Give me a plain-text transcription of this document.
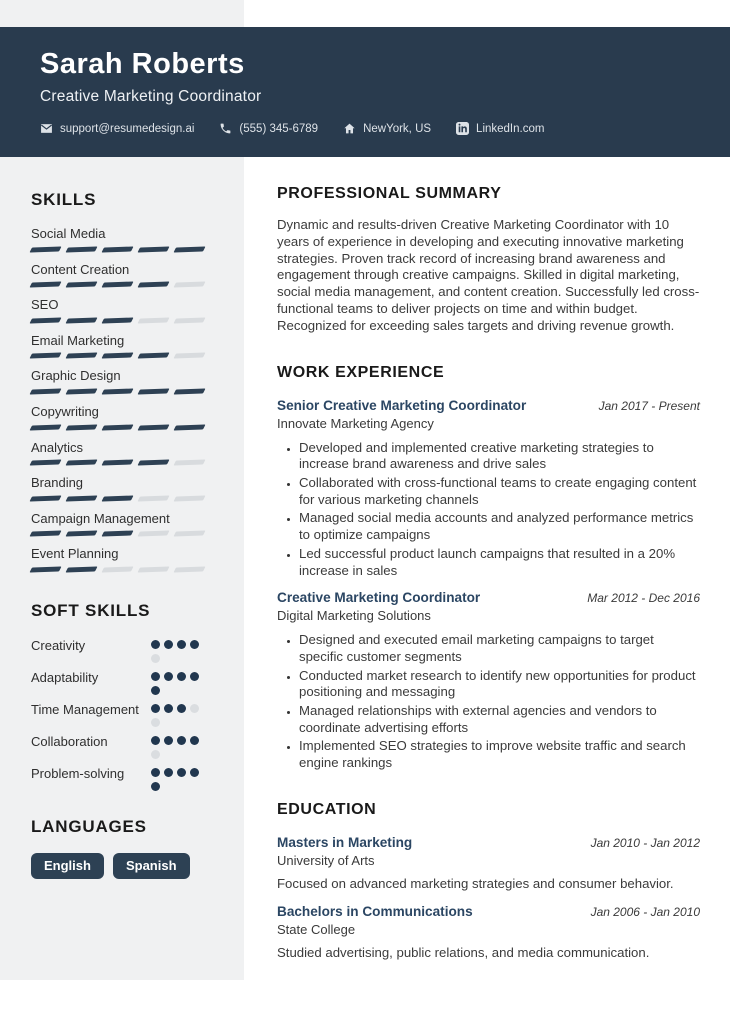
Sarah Roberts
Creative Marketing Coordinator
support@resumedesign.ai	(555) 345-6789	NewYork, US	LinkedIn.com
SKILLS
Social Media
Content Creation
SEO
Email Marketing
Graphic Design
Copywriting
Analytics
Branding
Campaign Management
Event Planning
SOFT SKILLS
Creativity
Adaptability
Time Management
Collaboration
Problem-solving
LANGUAGES
English	Spanish
PROFESSIONAL SUMMARY
Dynamic and results-driven Creative Marketing Coordinator with 10 years of experience in developing and executing innovative marketing strategies. Proven track record of increasing brand awareness and engagement through creative campaigns. Skilled in digital marketing, social media management, and content creation. Successfully led cross-functional teams to deliver projects on time and within budget. Recognized for exceeding sales targets and driving revenue growth.
WORK EXPERIENCE
Senior Creative Marketing Coordinator	Jan 2017 - Present
Innovate Marketing Agency
• Developed and implemented creative marketing strategies to increase brand awareness and drive sales
• Collaborated with cross-functional teams to create engaging content for various marketing channels
• Managed social media accounts and analyzed performance metrics to optimize campaigns
• Led successful product launch campaigns that resulted in a 20% increase in sales
Creative Marketing Coordinator	Mar 2012 - Dec 2016
Digital Marketing Solutions
• Designed and executed email marketing campaigns to target specific customer segments
• Conducted market research to identify new opportunities for product positioning and messaging
• Managed relationships with external agencies and vendors to coordinate advertising efforts
• Implemented SEO strategies to improve website traffic and search engine rankings
EDUCATION
Masters in Marketing	Jan 2010 - Jan 2012
University of Arts
Focused on advanced marketing strategies and consumer behavior.
Bachelors in Communications	Jan 2006 - Jan 2010
State College
Studied advertising, public relations, and media communication.
